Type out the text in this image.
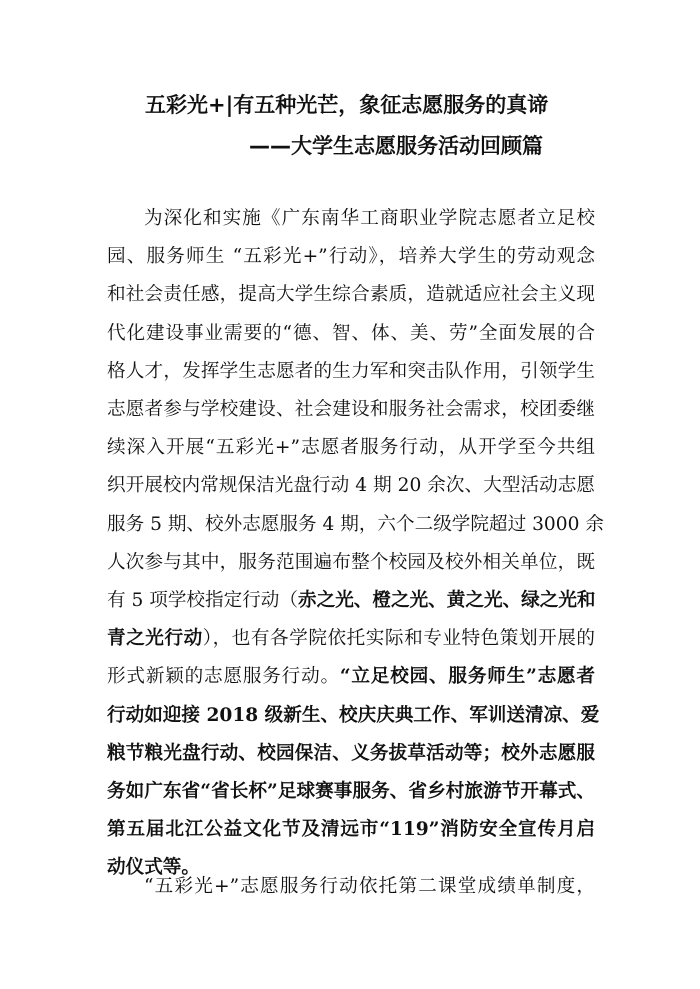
五彩光+|有五种光芒，象征志愿服务的真谛
——大学生志愿服务活动回顾篇
为深化和实施《广东南华工商职业学院志愿者立足校
园、服务师生 “五彩光+”行动》，培养大学生的劳动观念
和社会责任感，提高大学生综合素质，造就适应社会主义现
代化建设事业需要的“德、智、体、美、劳”全面发展的合
格人才，发挥学生志愿者的生力军和突击队作用，引领学生
志愿者参与学校建设、社会建设和服务社会需求，校团委继
续深入开展“五彩光+”志愿者服务行动，从开学至今共组
织开展校内常规保洁光盘行动 4 期 20 余次、大型活动志愿
服务 5 期、校外志愿服务 4 期，六个二级学院超过 3000 余
人次参与其中，服务范围遍布整个校园及校外相关单位，既
有 5 项学校指定行动（赤之光、橙之光、黄之光、绿之光和
青之光行动），也有各学院依托实际和专业特色策划开展的
形式新颖的志愿服务行动。“立足校园、服务师生”志愿者
行动如迎接 2018 级新生、校庆庆典工作、军训送清凉、爱
粮节粮光盘行动、校园保洁、义务拔草活动等；校外志愿服
务如广东省“省长杯”足球赛事服务、省乡村旅游节开幕式、
第五届北江公益文化节及清远市“119”消防安全宣传月启
动仪式等。
“五彩光+”志愿服务行动依托第二课堂成绩单制度，
